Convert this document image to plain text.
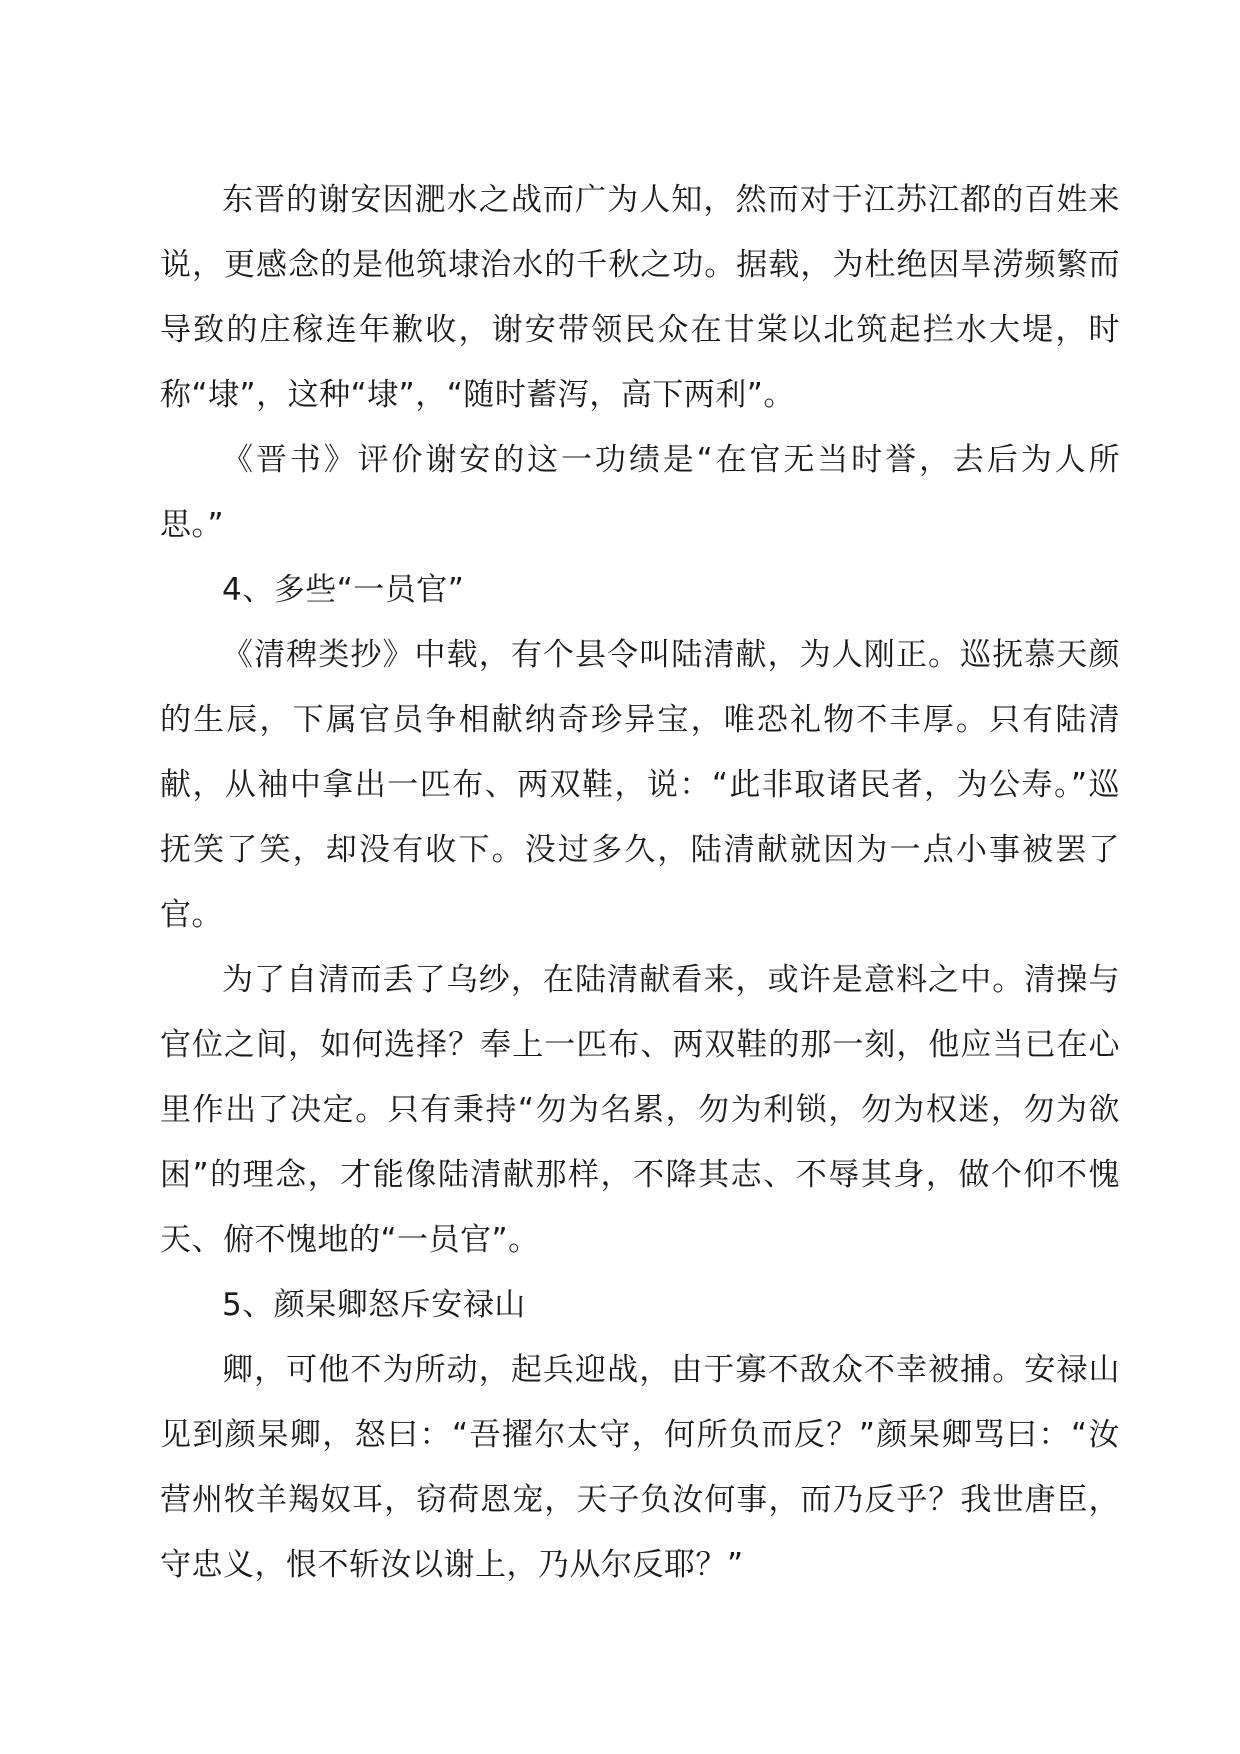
东晋的谢安因淝水之战而广为人知，然而对于江苏江都的百姓来说，更感念的是他筑埭治水的千秋之功。据载，为杜绝因旱涝频繁而导致的庄稼连年歉收，谢安带领民众在甘棠以北筑起拦水大堤，时称“埭”，这种“埭”，“随时蓄泻，高下两利”。

《晋书》评价谢安的这一功绩是“在官无当时誉，去后为人所思。”

4、多些“一员官”

《清稗类抄》中载，有个县令叫陆清献，为人刚正。巡抚慕天颜的生辰，下属官员争相献纳奇珍异宝，唯恐礼物不丰厚。只有陆清献，从袖中拿出一匹布、两双鞋，说：“此非取诸民者，为公寿。”巡抚笑了笑，却没有收下。没过多久，陆清献就因为一点小事被罢了官。

为了自清而丢了乌纱，在陆清献看来，或许是意料之中。清操与官位之间，如何选择？奉上一匹布、两双鞋的那一刻，他应当已在心里作出了决定。只有秉持“勿为名累，勿为利锁，勿为权迷，勿为欲困”的理念，才能像陆清献那样，不降其志、不辱其身，做个仰不愧天、俯不愧地的“一员官”。

5、颜杲卿怒斥安禄山

卿，可他不为所动，起兵迎战，由于寡不敌众不幸被捕。安禄山见到颜杲卿，怒曰：“吾擢尔太守，何所负而反？”颜杲卿骂曰：“汝营州牧羊羯奴耳，窃荷恩宠，天子负汝何事，而乃反乎？我世唐臣，守忠义，恨不斩汝以谢上，乃从尔反耶？”
